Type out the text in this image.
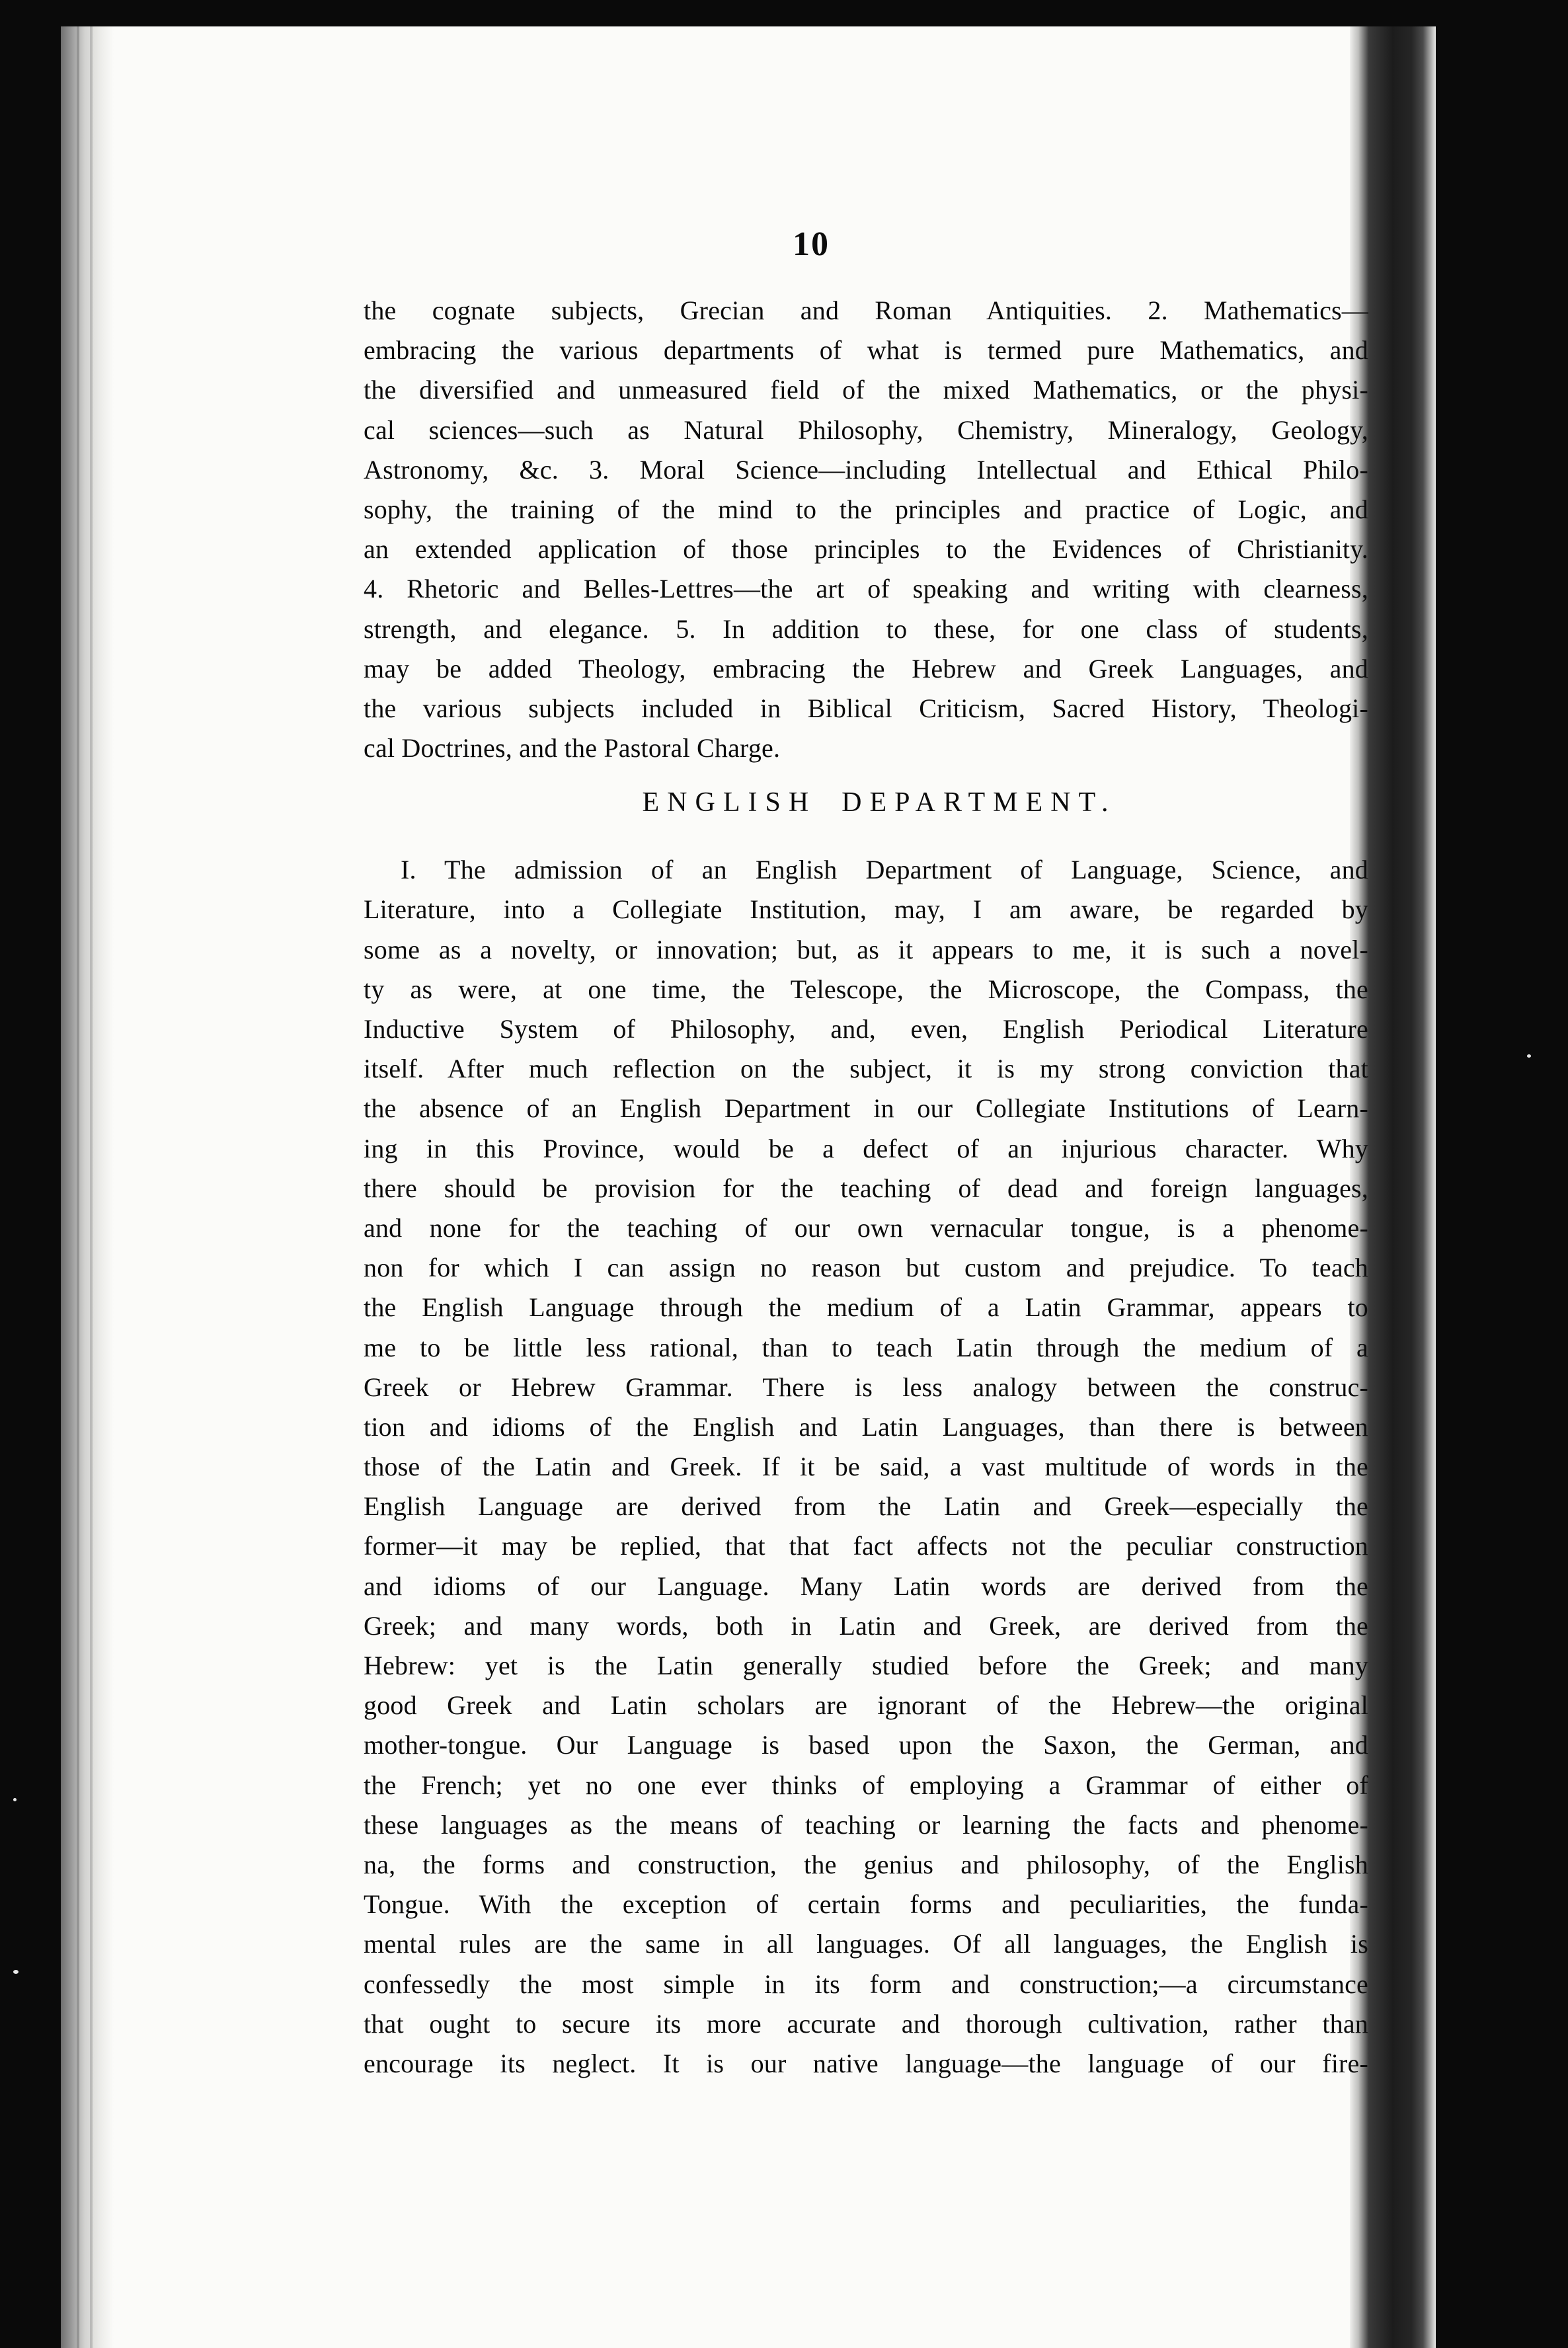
10
the cognate subjects, Grecian and Roman Antiquities. 2. Mathematics—
embracing the various departments of what is termed pure Mathematics, and
the diversified and unmeasured field of the mixed Mathematics, or the physi-
cal sciences—such as Natural Philosophy, Chemistry, Mineralogy, Geology,
Astronomy, &c. 3. Moral Science—including Intellectual and Ethical Philo-
sophy, the training of the mind to the principles and practice of Logic, and
an extended application of those principles to the Evidences of Christianity.
4. Rhetoric and Belles-Lettres—the art of speaking and writing with clearness,
strength, and elegance. 5. In addition to these, for one class of students,
may be added Theology, embracing the Hebrew and Greek Languages, and
the various subjects included in Biblical Criticism, Sacred History, Theologi-
cal Doctrines, and the Pastoral Charge.
ENGLISH DEPARTMENT.
I. The admission of an English Department of Language, Science, and
Literature, into a Collegiate Institution, may, I am aware, be regarded by
some as a novelty, or innovation; but, as it appears to me, it is such a novel-
ty as were, at one time, the Telescope, the Microscope, the Compass, the
Inductive System of Philosophy, and, even, English Periodical Literature
itself. After much reflection on the subject, it is my strong conviction that
the absence of an English Department in our Collegiate Institutions of Learn-
ing in this Province, would be a defect of an injurious character. Why
there should be provision for the teaching of dead and foreign languages,
and none for the teaching of our own vernacular tongue, is a phenome-
non for which I can assign no reason but custom and prejudice. To teach
the English Language through the medium of a Latin Grammar, appears to
me to be little less rational, than to teach Latin through the medium of a
Greek or Hebrew Grammar. There is less analogy between the construc-
tion and idioms of the English and Latin Languages, than there is between
those of the Latin and Greek. If it be said, a vast multitude of words in the
English Language are derived from the Latin and Greek—especially the
former—it may be replied, that that fact affects not the peculiar construction
and idioms of our Language. Many Latin words are derived from the
Greek; and many words, both in Latin and Greek, are derived from the
Hebrew: yet is the Latin generally studied before the Greek; and many
good Greek and Latin scholars are ignorant of the Hebrew—the original
mother-tongue. Our Language is based upon the Saxon, the German, and
the French; yet no one ever thinks of employing a Grammar of either of
these languages as the means of teaching or learning the facts and phenome-
na, the forms and construction, the genius and philosophy, of the English
Tongue. With the exception of certain forms and peculiarities, the funda-
mental rules are the same in all languages. Of all languages, the English is
confessedly the most simple in its form and construction;—a circumstance
that ought to secure its more accurate and thorough cultivation, rather than
encourage its neglect. It is our native language—the language of our fire-
